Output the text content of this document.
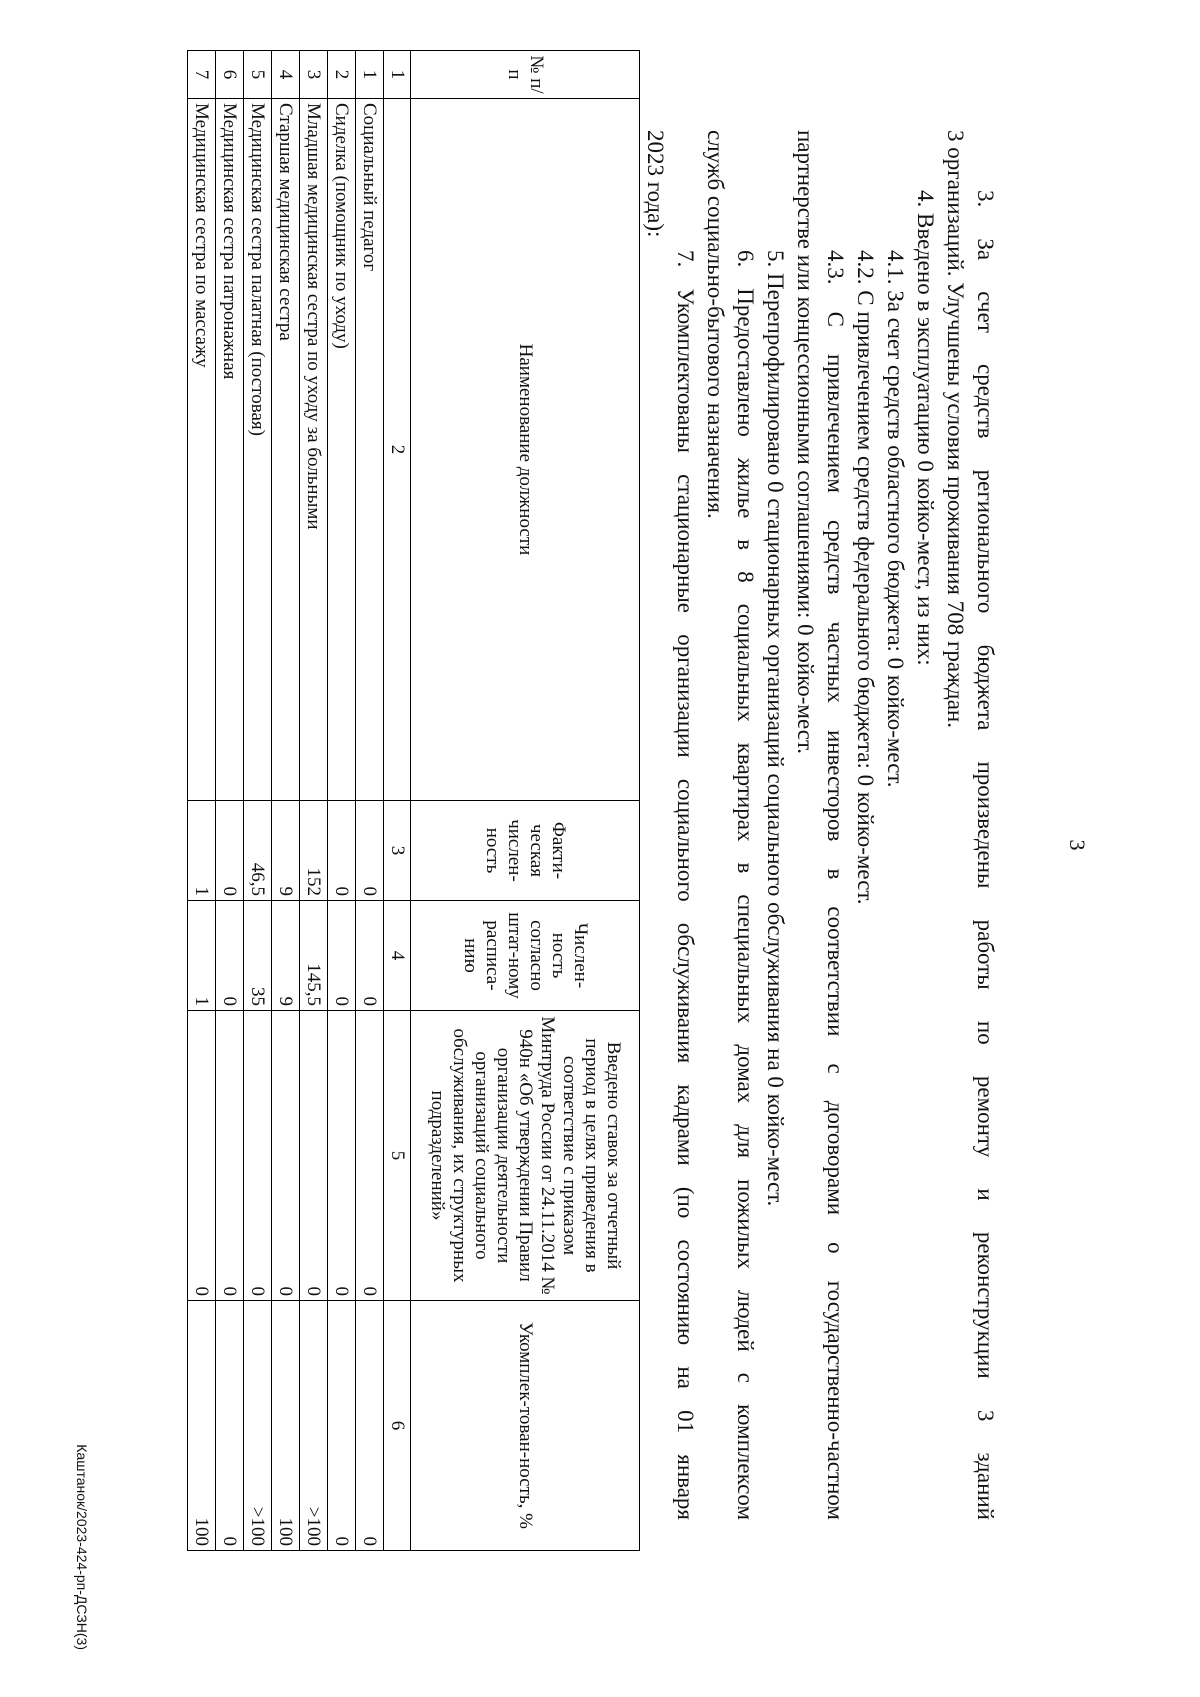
3

3. За счет средств регионального бюджета произведены работы по ремонту и реконструкции 3 зданий

3 организаций. Улучшены условия проживания 708 граждан.

4. Введено в эксплуатацию 0 койко-мест, из них:

4.1. За счет средств областного бюджета: 0 койко-мест.

4.2. С привлечением средств федерального бюджета: 0 койко-мест.

4.3. С привлечением средств частных инвесторов в соответствии с договорами о государственно-частном

партнерстве или концессионными соглашениями: 0 койко-мест.

5. Перепрофилировано 0 стационарных организаций социального обслуживания на 0 койко-мест.

6. Предоставлено жилье в 8 социальных квартирах в специальных домах для пожилых людей с комплексом

служб социально-бытового назначения.

7. Укомплектованы стационарные организации социального обслуживания кадрами (по состоянию на 01 января

2023 года):

№ п/п	Наименование должности	Факти-ческая числен-ность	Числен-ность согласно штат-ному расписа-нию	Введено ставок за отчетный период в целях приведения в соответствие с приказом Минтруда России от 24.11.2014 № 940н «Об утверждении Правил организации деятельности организаций социального обслуживания, их структурных подразделений»	Укомплек-тован-ность, %
1	2	3	4	5	6
1	Социальный педагог	0	0	0	0
2	Сиделка (помощник по уходу)	0	0	0	0
3	Младшая медицинская сестра по уходу за больными	152	145,5	0	>100
4	Старшая медицинская сестра	9	9	0	100
5	Медицинская сестра палатная (постовая)	46,5	35	0	>100
6	Медицинская сестра патронажная	0	0	0	0
7	Медицинская сестра по массажу	1	1	0	100
Каштанок/2023-424-рп-ДСЗН(3)
